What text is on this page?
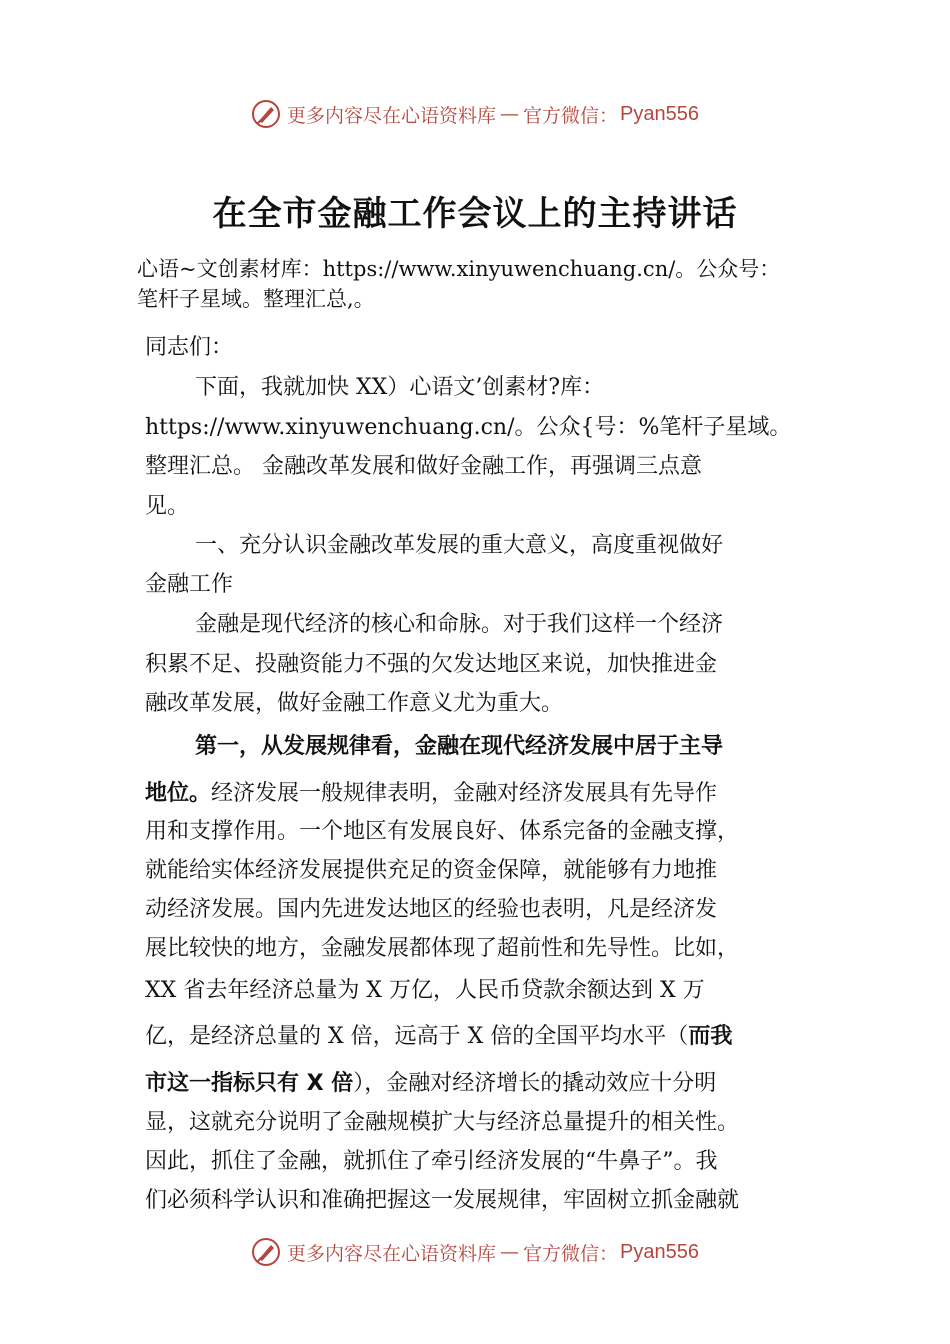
更多内容尽在心语资料库 — 官方微信： Pyan556
在全市金融工作会议上的主持讲话
心语~文创素材库：https://www.xinyuwenchuang.cn/。公众号：
笔杆子星域。整理汇总,。
同志们：
下面，我就加快 XX）心语文’创素材?库：
https://www.xinyuwenchuang.cn/。公众{号：%笔杆子星域。
整理汇总。 金融改革发展和做好金融工作，再强调三点意
见。
一、充分认识金融改革发展的重大意义，高度重视做好
金融工作
金融是现代经济的核心和命脉。对于我们这样一个经济
积累不足、投融资能力不强的欠发达地区来说，加快推进金
融改革发展，做好金融工作意义尤为重大。
第一，从发展规律看，金融在现代经济发展中居于主导
地位。经济发展一般规律表明，金融对经济发展具有先导作
用和支撑作用。一个地区有发展良好、体系完备的金融支撑，
就能给实体经济发展提供充足的资金保障，就能够有力地推
动经济发展。国内先进发达地区的经验也表明，凡是经济发
展比较快的地方，金融发展都体现了超前性和先导性。比如，
XX 省去年经济总量为 X 万亿，人民币贷款余额达到 X 万
亿，是经济总量的 X 倍，远高于 X 倍的全国平均水平（而我
市这一指标只有 X 倍），金融对经济增长的撬动效应十分明
显，这就充分说明了金融规模扩大与经济总量提升的相关性。
因此，抓住了金融，就抓住了牵引经济发展的“牛鼻子”。我
们必须科学认识和准确把握这一发展规律，牢固树立抓金融就
更多内容尽在心语资料库 — 官方微信： Pyan556
